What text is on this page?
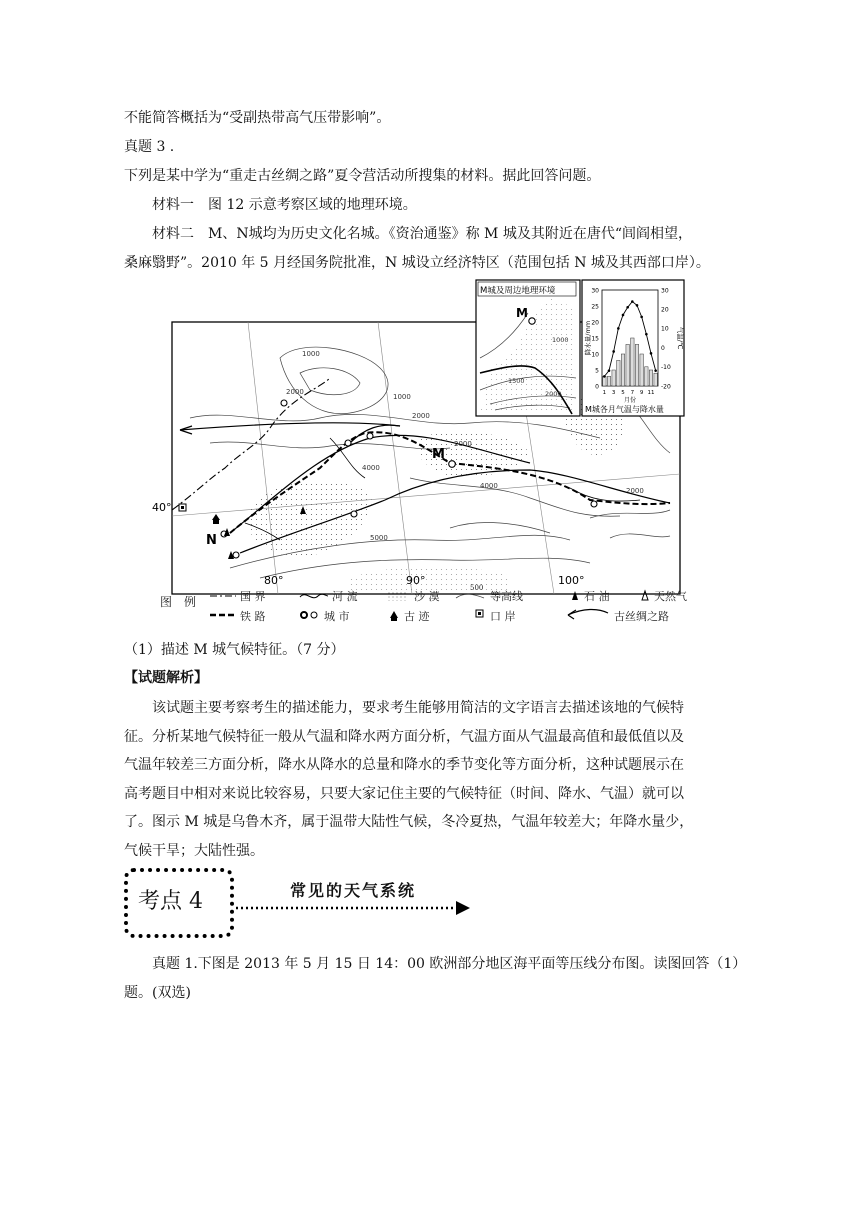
不能简答概括为“受副热带高气压带影响”。
真题 3 .
下列是某中学为“重走古丝绸之路”夏令营活动所搜集的材料。据此回答问题。
材料一　图 12 示意考察区域的地理环境。
材料二　M、N城均为历史文化名城。《资治通鉴》称 M 城及其附近在唐代“闾阎相望，
桑麻翳野”。2010 年 5 月经国务院批准，N 城设立经济特区（范围包括 N 城及其西部口岸）。
1000
1000
2000
2000
2000
4000
4000
5000
2000
M
N
40°
80°	90°	100°
M城及周边地理环境
M
1000
1500
2000
30
25
20
15
10
5
0
30
20
10
0
-10
-20
1 3 5 7 9 11
月份
降水量/mm	气温/℃
M城各月气温与降水量
图　例	国 界	河 流	沙 漠
500
等高线	石 油	天然气
铁 路	城 市	古 迹	口 岸	古丝绸之路
（1）描述 M 城气候特征。（7 分）
【试题解析】
该试题主要考察考生的描述能力，要求考生能够用简洁的文字语言去描述该地的气候特
征。分析某地气候特征一般从气温和降水两方面分析，气温方面从气温最高值和最低值以及
气温年较差三方面分析，降水从降水的总量和降水的季节变化等方面分析，这种试题展示在
高考题目中相对来说比较容易，只要大家记住主要的气候特征（时间、降水、气温）就可以
了。图示 M 城是乌鲁木齐，属于温带大陆性气候，冬冷夏热，气温年较差大；年降水量少，
气候干旱；大陆性强。
考点 4	常见的天气系统
真题 1.下图是 2013 年 5 月 15 日 14：00 欧洲部分地区海平面等压线分布图。读图回答（1）
题。(双选)
